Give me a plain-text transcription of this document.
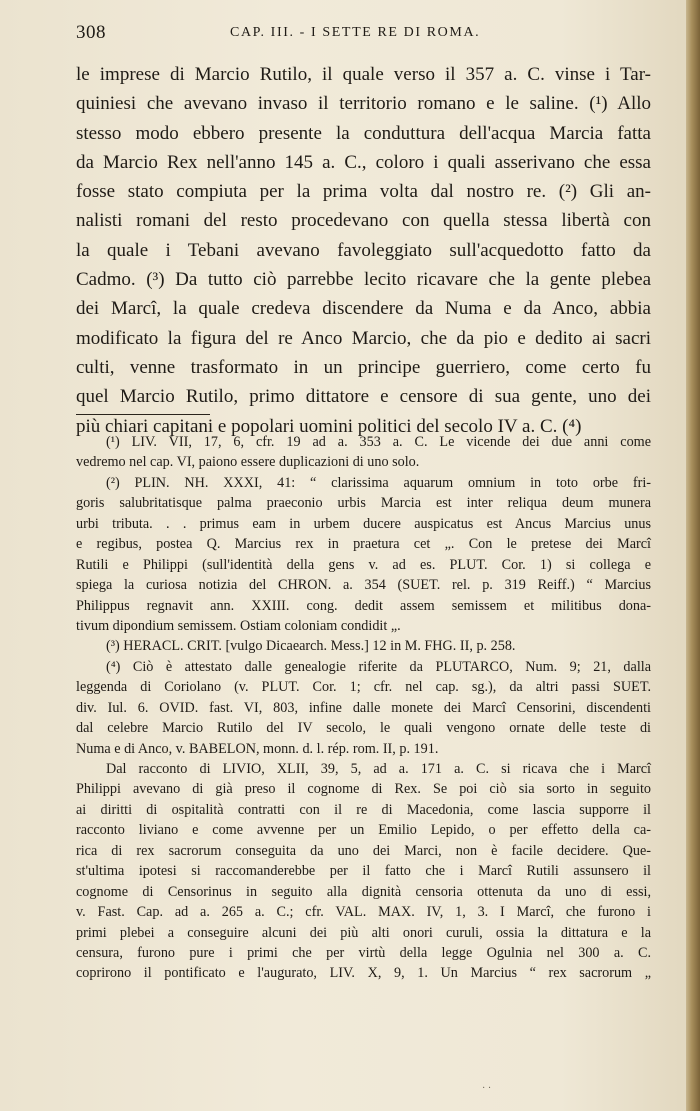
308	CAP. III. - I SETTE RE DI ROMA.
le imprese di Marcio Rutilo, il quale verso il 357 a. C. vinse i Tar-
quiniesi che avevano invaso il territorio romano e le saline. (¹) Allo
stesso modo ebbero presente la conduttura dell'acqua Marcia fatta
da Marcio Rex nell'anno 145 a. C., coloro i quali asserivano che essa
fosse stato compiuta per la prima volta dal nostro re. (²) Gli an-
nalisti romani del resto procedevano con quella stessa libertà con
la quale i Tebani avevano favoleggiato sull'acquedotto fatto da
Cadmo. (³) Da tutto ciò parrebbe lecito ricavare che la gente plebea
dei Marcî, la quale credeva discendere da Numa e da Anco, abbia
modificato la figura del re Anco Marcio, che da pio e dedito ai sacri
culti, venne trasformato in un principe guerriero, come certo fu
quel Marcio Rutilo, primo dittatore e censore di sua gente, uno dei
più chiari capitani e popolari uomini politici del secolo IV a. C. (⁴)
(¹) LIV. VII, 17, 6, cfr. 19 ad a. 353 a. C. Le vicende dei due anni come
vedremo nel cap. VI, paiono essere duplicazioni di uno solo.
(²) PLIN. NH. XXXI, 41: “ clarissima aquarum omnium in toto orbe fri-
goris salubritatisque palma praeconio urbis Marcia est inter reliqua deum munera
urbi tributa. . . primus eam in urbem ducere auspicatus est Ancus Marcius unus
e regibus, postea Q. Marcius rex in praetura cet „. Con le pretese dei Marcî
Rutili e Philippi (sull'identità della gens v. ad es. PLUT. Cor. 1) si collega e
spiega la curiosa notizia del CHRON. a. 354 (SUET. rel. p. 319 Reiff.) “ Marcius
Philippus regnavit ann. XXIII. cong. dedit assem semissem et militibus dona-
tivum dipondium semissem. Ostiam coloniam condidit „.
(³) HERACL. CRIT. [vulgo Dicaearch. Mess.] 12 in M. FHG. II, p. 258.
(⁴) Ciò è attestato dalle genealogie riferite da PLUTARCO, Num. 9; 21, dalla
leggenda di Coriolano (v. PLUT. Cor. 1; cfr. nel cap. sg.), da altri passi SUET.
div. Iul. 6. OVID. fast. VI, 803, infine dalle monete dei Marcî Censorini, discendenti
dal celebre Marcio Rutilo del IV secolo, le quali vengono ornate delle teste di
Numa e di Anco, v. BABELON, monn. d. l. rép. rom. II, p. 191.
Dal racconto di LIVIO, XLII, 39, 5, ad a. 171 a. C. si ricava che i Marcî
Philippi avevano di già preso il cognome di Rex. Se poi ciò sia sorto in seguito
ai diritti di ospitalità contratti con il re di Macedonia, come lascia supporre il
racconto liviano e come avvenne per un Emilio Lepido, o per effetto della ca-
rica di rex sacrorum conseguita da uno dei Marci, non è facile decidere. Que-
st'ultima ipotesi si raccomanderebbe per il fatto che i Marcî Rutili assunsero il
cognome di Censorinus in seguito alla dignità censoria ottenuta da uno di essi,
v. Fast. Cap. ad a. 265 a. C.; cfr. VAL. MAX. IV, 1, 3. I Marcî, che furono i
primi plebei a conseguire alcuni dei più alti onori curuli, ossia la dittatura e la
censura, furono pure i primi che per virtù della legge Ogulnia nel 300 a. C.
coprirono il pontificato e l'augurato, LIV. X, 9, 1. Un Marcius “ rex sacrorum „
· ·
